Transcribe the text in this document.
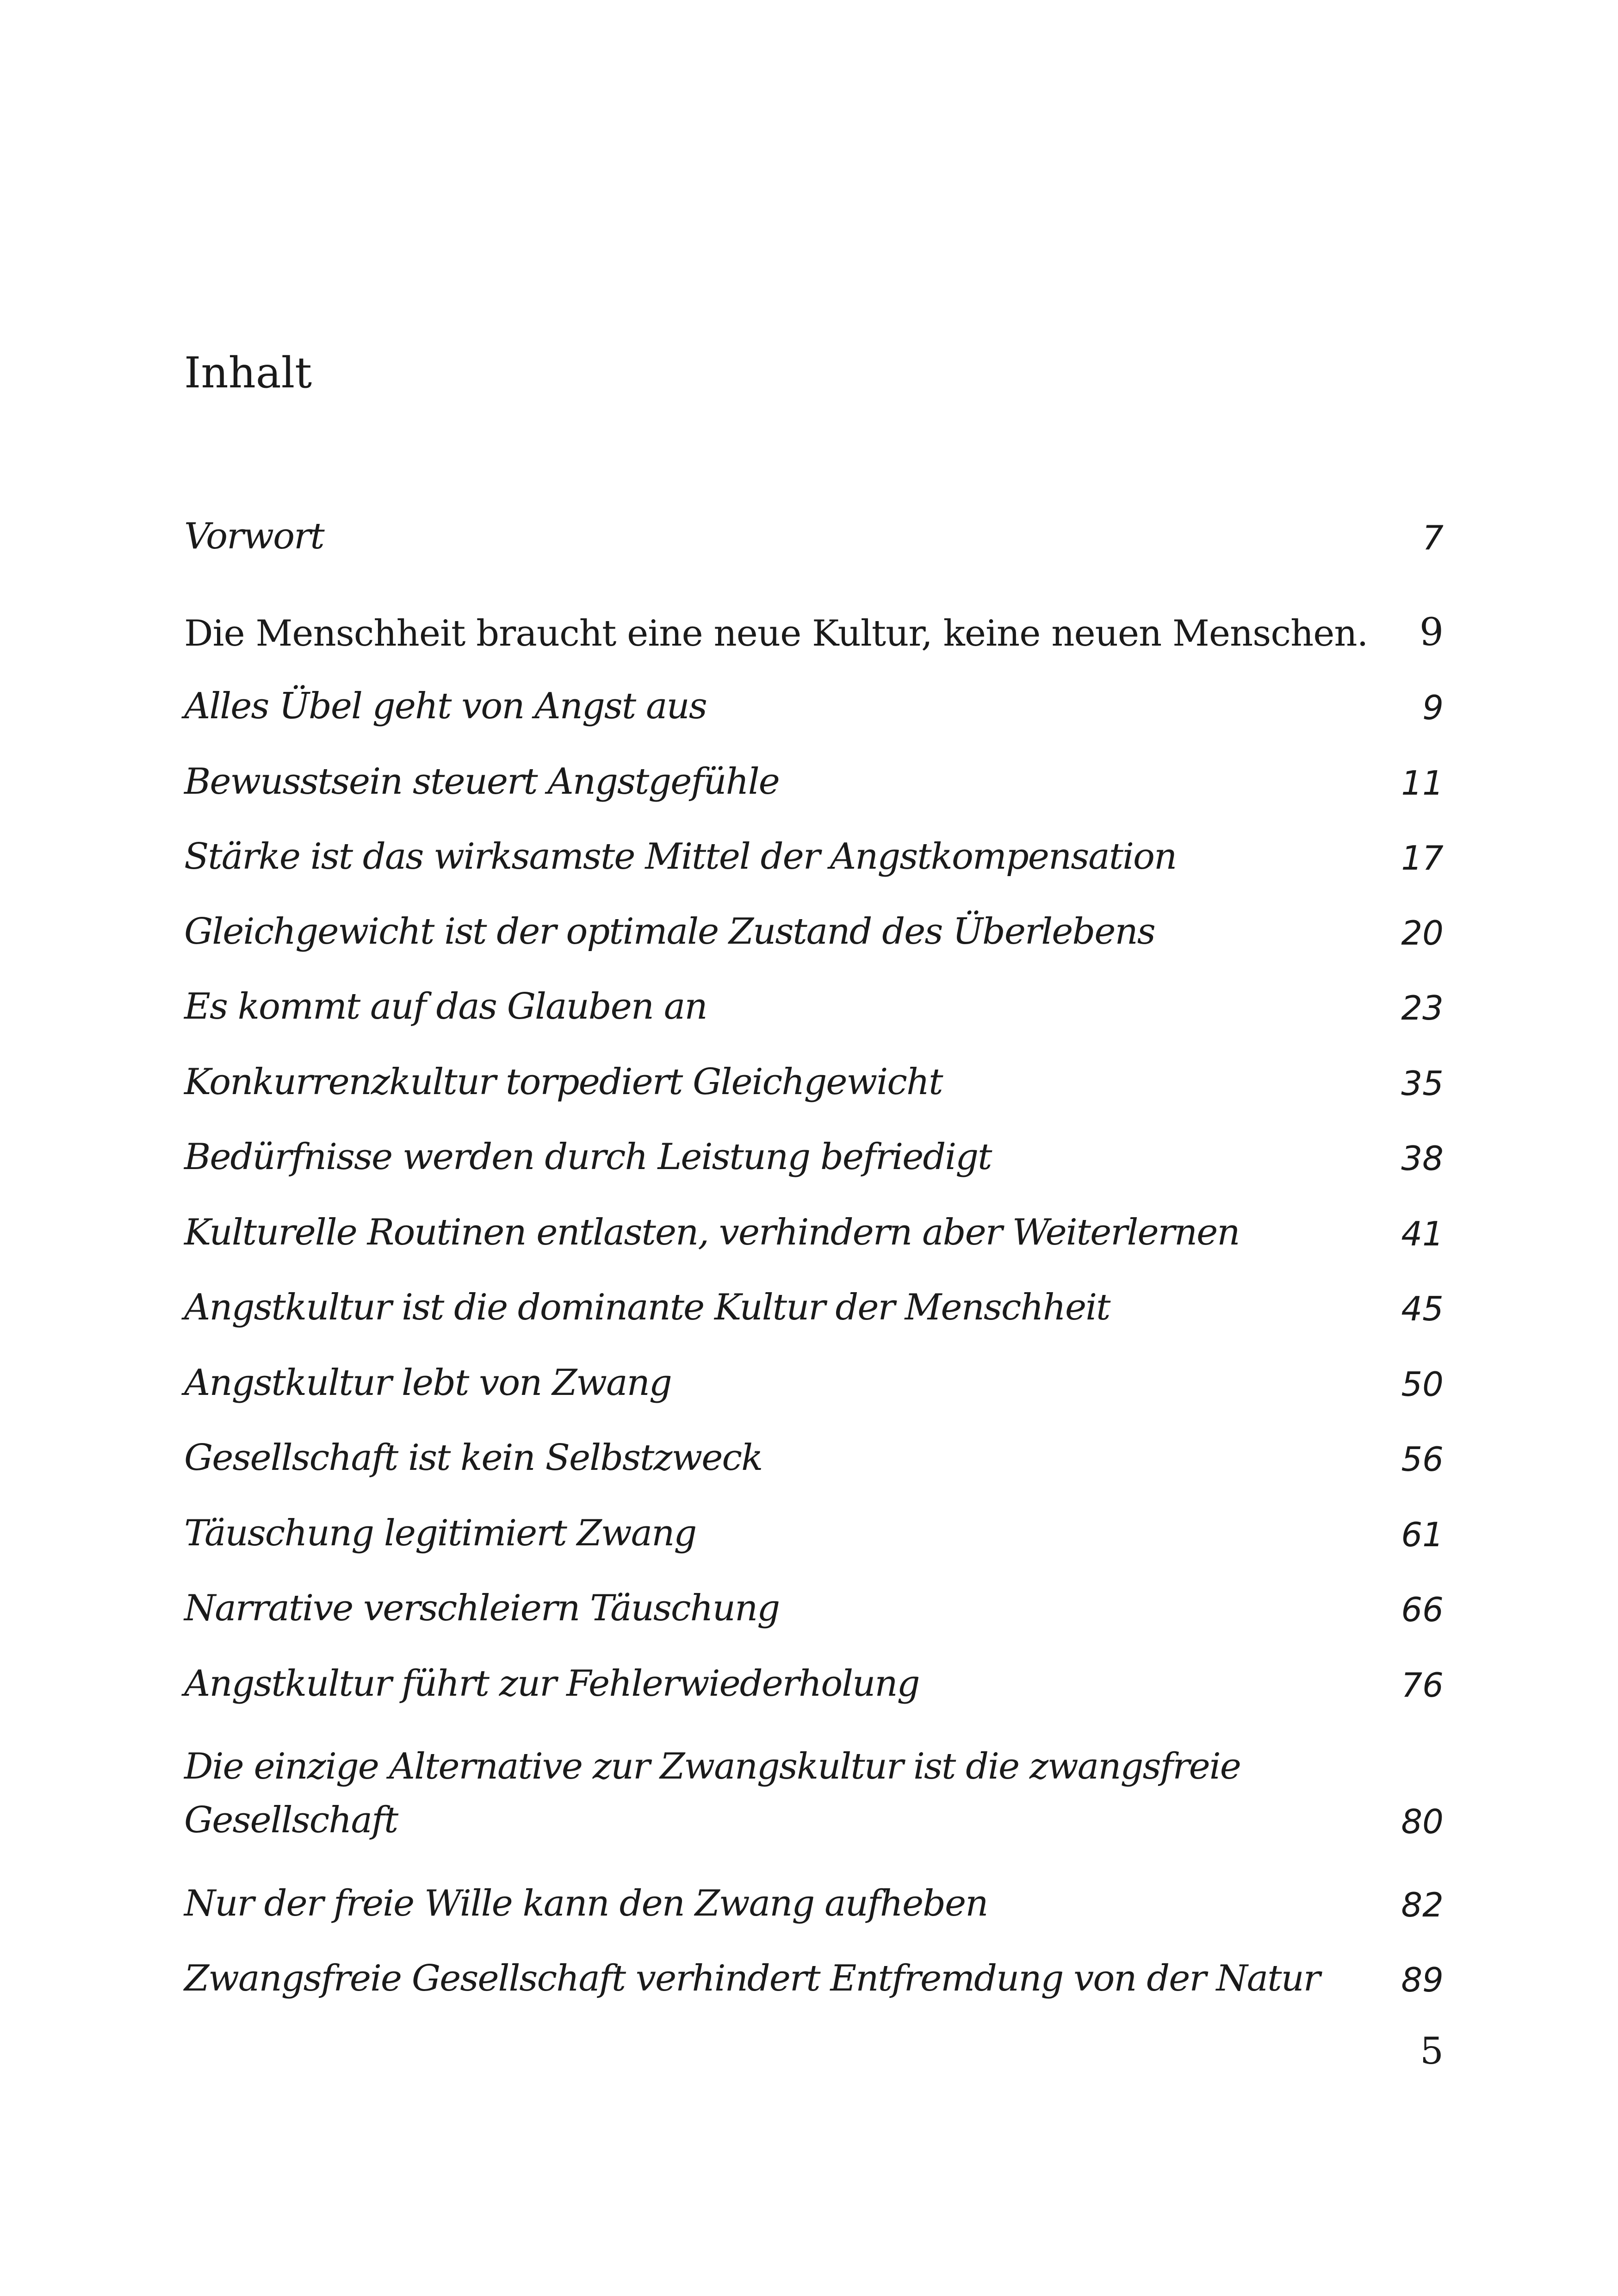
Inhalt
Vorwort	7
Die Menschheit braucht eine neue Kultur, keine neuen Menschen. 9
Alles Übel geht von Angst aus	9
Bewusstsein steuert Angstgefühle	11
Stärke ist das wirksamste Mittel der Angstkompensation	17
Gleichgewicht ist der optimale Zustand des Überlebens	20
Es kommt auf das Glauben an	23
Konkurrenzkultur torpediert Gleichgewicht	35
Bedürfnisse werden durch Leistung befriedigt	38
Kulturelle Routinen entlasten, verhindern aber Weiterlernen	41
Angstkultur ist die dominante Kultur der Menschheit	45
Angstkultur lebt von Zwang	50
Gesellschaft ist kein Selbstzweck	56
Täuschung legitimiert Zwang	61
Narrative verschleiern Täuschung	66
Angstkultur führt zur Fehlerwiederholung	76
Die einzige Alternative zur Zwangskultur ist die zwangsfreie
Gesellschaft	80
Nur der freie Wille kann den Zwang aufheben	82
Zwangsfreie Gesellschaft verhindert Entfremdung von der Natur 89
5
